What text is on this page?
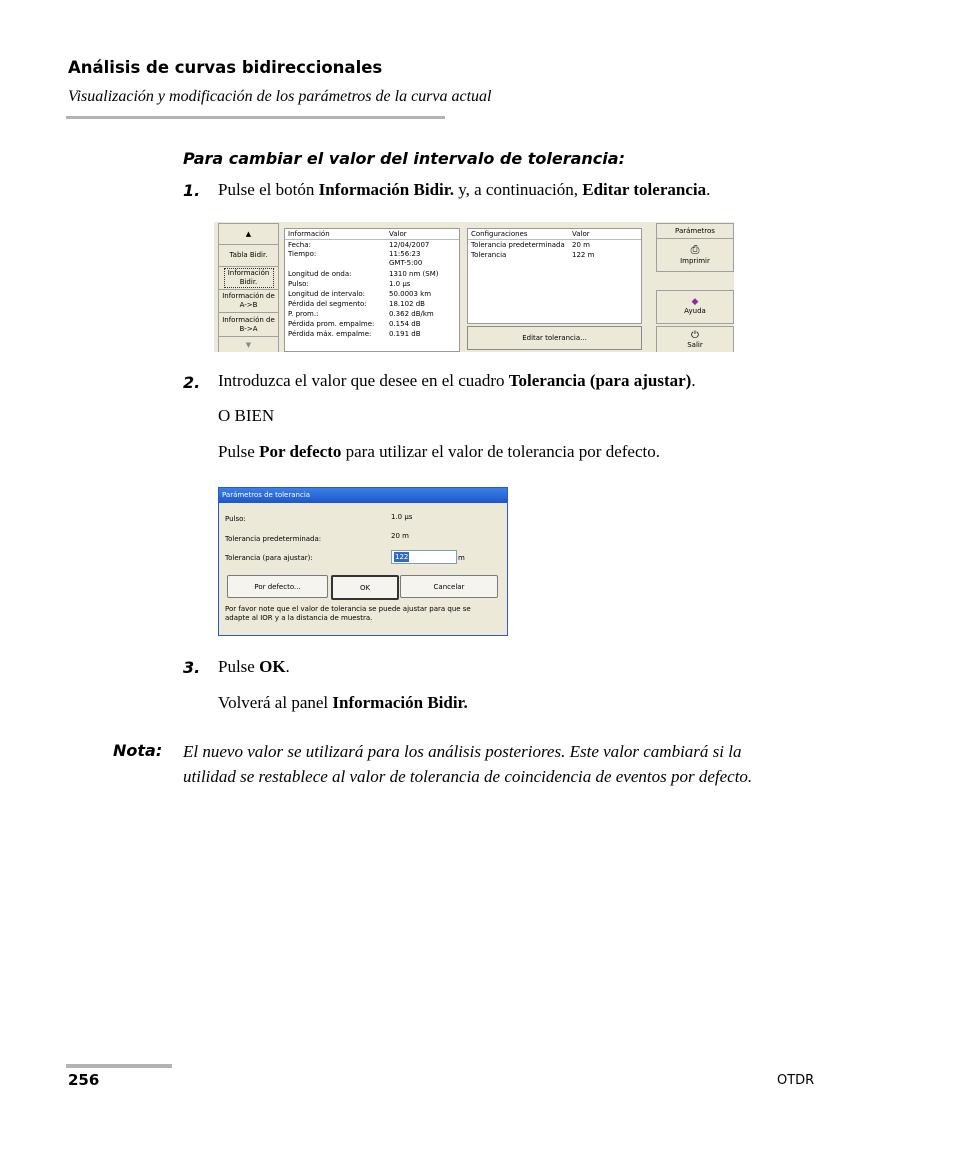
Análisis de curvas bidireccionales
Visualización y modificación de los parámetros de la curva actual
Para cambiar el valor del intervalo de tolerancia:
1. Pulse el botón Información Bidir. y, a continuación, Editar tolerancia.
▲
Tabla Bidir.
Información Bidir.
Información de A->B
Información de B->A
▼
Información	Valor
Fecha:	12/04/2007
Tiempo:	11:56:23
GMT-5:00
Longitud de onda:	1310 nm (SM)
Pulso:	1.0 µs
Longitud de intervalo:	50.0003 km
Pérdida del segmento:	18.102 dB
P. prom.:	0.362 dB/km
Pérdida prom. empalme: 0.154 dB
Pérdida máx. empalme:	0.191 dB
Configuraciones	Valor
Tolerancia predeterminada 20 m
Tolerancia	122 m
Editar tolerancia...
Parámetros
⎙
Imprimir
◆
Ayuda
⏻
Salir
2. Introduzca el valor que desee en el cuadro Tolerancia (para ajustar).
O BIEN
Pulse Por defecto para utilizar el valor de tolerancia por defecto.
Parámetros de tolerancia
Pulso:	1.0 µs
Tolerancia predeterminada:	20 m
Tolerancia (para ajustar):	122	m
Por defecto...	OK	Cancelar
Por favor note que el valor de tolerancia se puede ajustar para que se adapte al IOR y a la distancia de muestra.
3. Pulse OK.
Volverá al panel Información Bidir.
Nota: El nuevo valor se utilizará para los análisis posteriores. Este valor cambiará si la utilidad se restablece al valor de tolerancia de coincidencia de eventos por defecto.
256	OTDR
